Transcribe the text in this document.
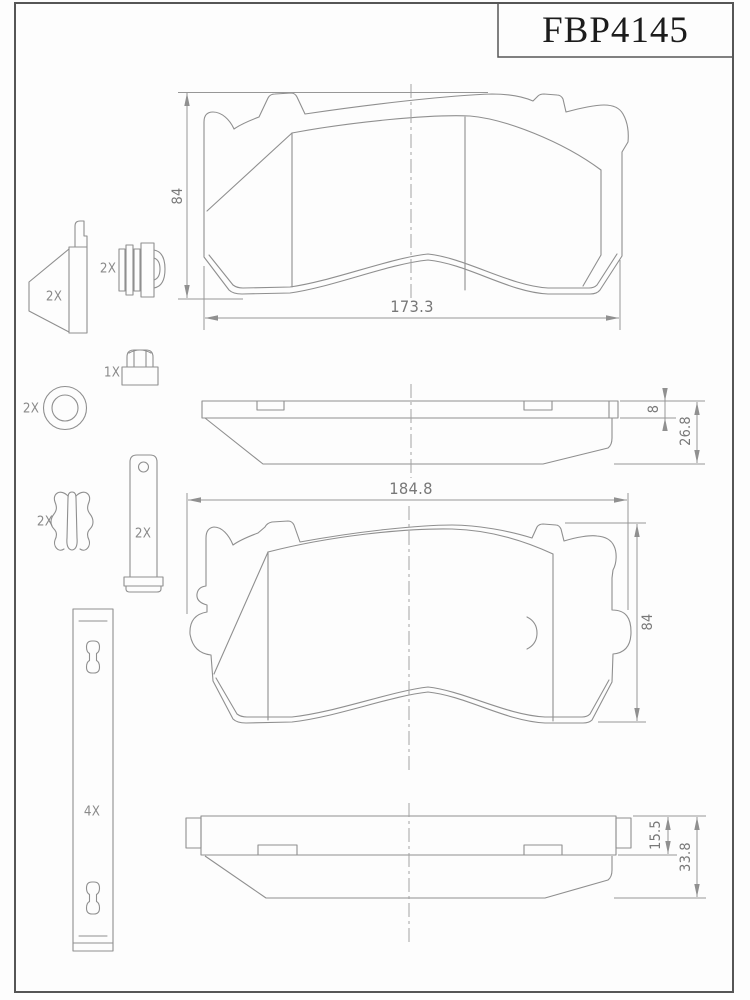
FBP4145
2X
2X
1X
2X
2X
2X
4X
84
173.3
8
26.8
184.8
84
15.5
33.8
